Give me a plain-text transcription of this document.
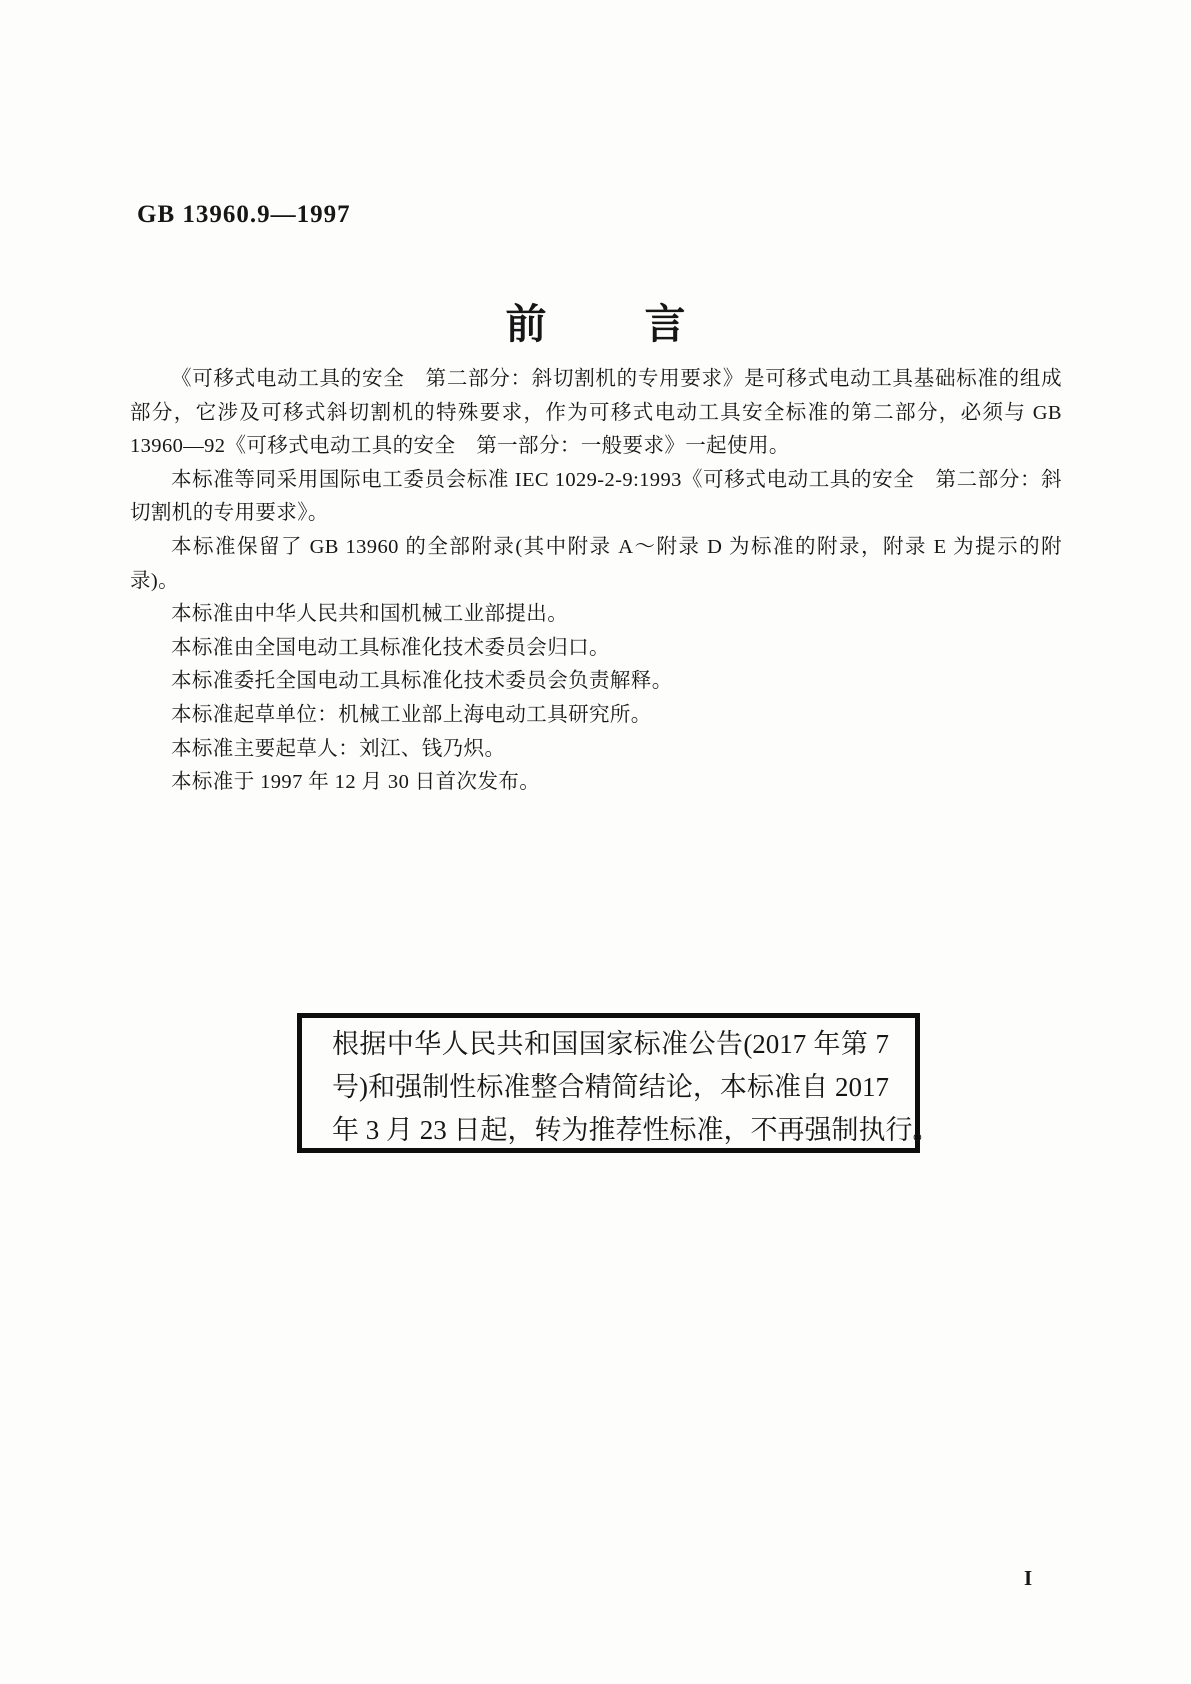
GB 13960.9—1997
前 言

《可移式电动工具的安全　第二部分：斜切割机的专用要求》是可移式电动工具基础标准的组成部分，它涉及可移式斜切割机的特殊要求，作为可移式电动工具安全标准的第二部分，必须与 GB 13960—92《可移式电动工具的安全　第一部分：一般要求》一起使用。

本标准等同采用国际电工委员会标准 IEC 1029-2-9:1993《可移式电动工具的安全　第二部分：斜切割机的专用要求》。

本标准保留了 GB 13960 的全部附录(其中附录 A～附录 D 为标准的附录，附录 E 为提示的附录)。

本标准由中华人民共和国机械工业部提出。

本标准由全国电动工具标准化技术委员会归口。

本标准委托全国电动工具标准化技术委员会负责解释。

本标准起草单位：机械工业部上海电动工具研究所。

本标准主要起草人：刘江、钱乃炽。

本标准于 1997 年 12 月 30 日首次发布。

根据中华人民共和国国家标准公告(2017 年第 7
号)和强制性标准整合精简结论，本标准自 2017
年 3 月 23 日起，转为推荐性标准，不再强制执行。
I
